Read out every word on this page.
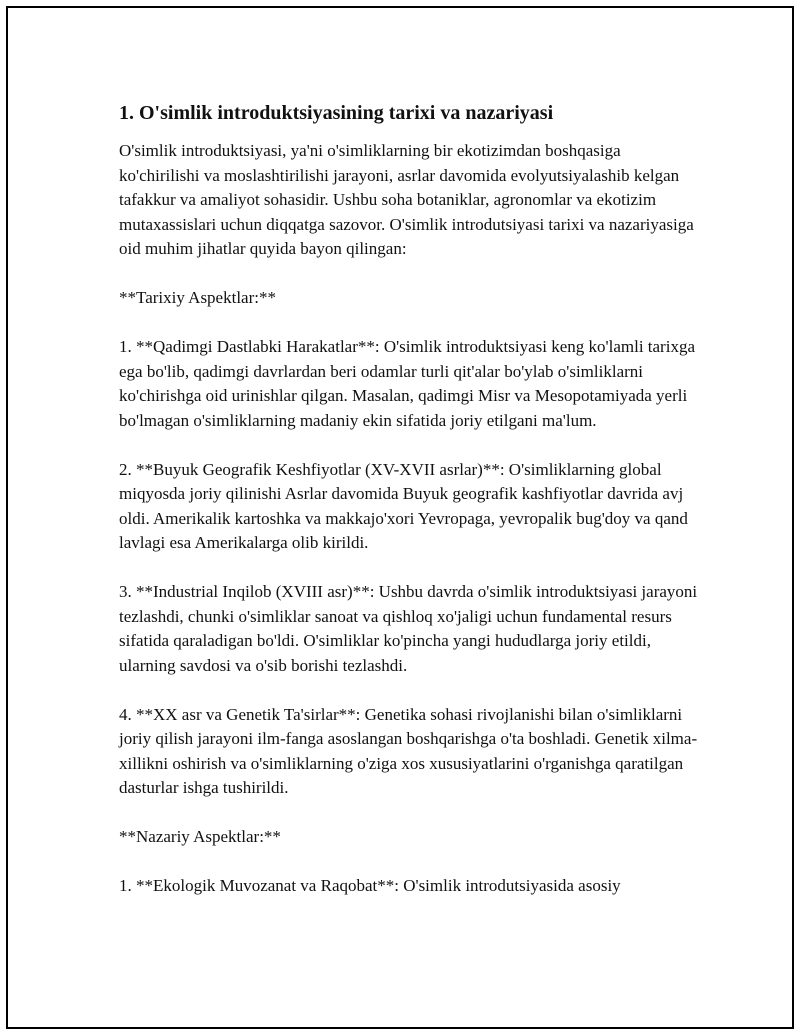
1. O'simlik introduktsiyasining tarixi va nazariyasi

O'simlik introduktsiyasi, ya'ni o'simliklarning bir ekotizimdan boshqasiga ko'chirilishi va moslashtirilishi jarayoni, asrlar davomida evolyutsiyalashib kelgan tafakkur va amaliyot sohasidir. Ushbu soha botaniklar, agronomlar va ekotizim mutaxassislari uchun diqqatga sazovor. O'simlik introdutsiyasi tarixi va nazariyasiga oid muhim jihatlar quyida bayon qilingan:

**Tarixiy Aspektlar:**

1. **Qadimgi Dastlabki Harakatlar**: O'simlik introduktsiyasi keng ko'lamli tarixga ega bo'lib, qadimgi davrlardan beri odamlar turli qit'alar bo'ylab o'simliklarni ko'chirishga oid urinishlar qilgan. Masalan, qadimgi Misr va Mesopotamiyada yerli bo'lmagan o'simliklarning madaniy ekin sifatida joriy etilgani ma'lum.

2. **Buyuk Geografik Keshfiyotlar (XV-XVII asrlar)**: O'simliklarning global miqyosda joriy qilinishi Asrlar davomida Buyuk geografik kashfiyotlar davrida avj oldi. Amerikalik kartoshka va makkajo'xori Yevropaga, yevropalik bug'doy va qand lavlagi esa Amerikalarga olib kirildi.

3. **Industrial Inqilob (XVIII asr)**: Ushbu davrda o'simlik introduktsiyasi jarayoni tezlashdi, chunki o'simliklar sanoat va qishloq xo'jaligi uchun fundamental resurs sifatida qaraladigan bo'ldi. O'simliklar ko'pincha yangi hududlarga joriy etildi, ularning savdosi va o'sib borishi tezlashdi.

4. **XX asr va Genetik Ta'sirlar**: Genetika sohasi rivojlanishi bilan o'simliklarni joriy qilish jarayoni ilm-fanga asoslangan boshqarishga o'ta boshladi. Genetik xilma-xillikni oshirish va o'simliklarning o'ziga xos xususiyatlarini o'rganishga qaratilgan dasturlar ishga tushirildi.

**Nazariy Aspektlar:**

1. **Ekologik Muvozanat va Raqobat**: O'simlik introdutsiyasida asosiy
